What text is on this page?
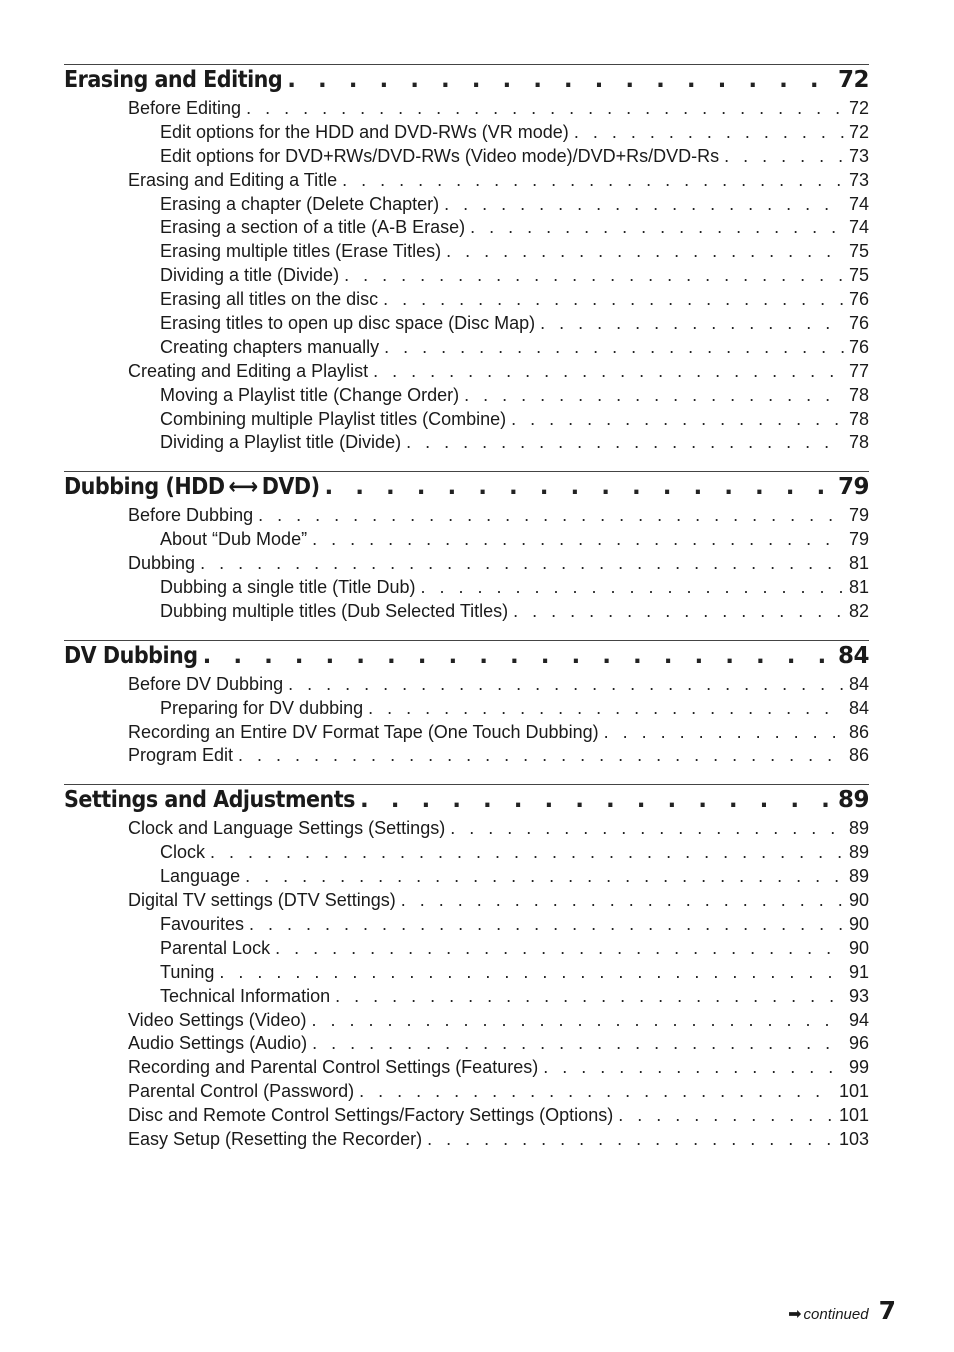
Erasing and Editing . . .	72
Before Editing . . .	72
Edit options for the HDD and DVD-RWs (VR mode) . . .	72
Edit options for DVD+RWs/DVD-RWs (Video mode)/DVD+Rs/DVD-Rs . . .	73
Erasing and Editing a Title . . .	73
Erasing a chapter (Delete Chapter) . . .	74
Erasing a section of a title (A-B Erase) . . .	74
Erasing multiple titles (Erase Titles) . . .	75
Dividing a title (Divide) . . .	75
Erasing all titles on the disc . . .	76
Erasing titles to open up disc space (Disc Map) . . .	76
Creating chapters manually . . .	76
Creating and Editing a Playlist . . .	77
Moving a Playlist title (Change Order) . . .	78
Combining multiple Playlist titles (Combine) . . .	78
Dividing a Playlist title (Divide) . . .	78
Dubbing (HDD ⟷ DVD) . . .	79
Before Dubbing . . .	79
About “Dub Mode” . . .	79
Dubbing . . .	81
Dubbing a single title (Title Dub) . . .	81
Dubbing multiple titles (Dub Selected Titles) . . .	82
DV Dubbing . . .	84
Before DV Dubbing . . .	84
Preparing for DV dubbing . . .	84
Recording an Entire DV Format Tape (One Touch Dubbing) . . .	86
Program Edit . . .	86
Settings and Adjustments . . .	89
Clock and Language Settings (Settings) . . .	89
Clock . . .	89
Language . . .	89
Digital TV settings (DTV Settings) . . .	90
Favourites . . .	90
Parental Lock . . .	90
Tuning . . .	91
Technical Information . . .	93
Video Settings (Video) . . .	94
Audio Settings (Audio) . . .	96
Recording and Parental Control Settings (Features) . . .	99
Parental Control (Password) . . .	101
Disc and Remote Control Settings/Factory Settings (Options) . . .	101
Easy Setup (Resetting the Recorder) . . .	103
➡ continued 7
